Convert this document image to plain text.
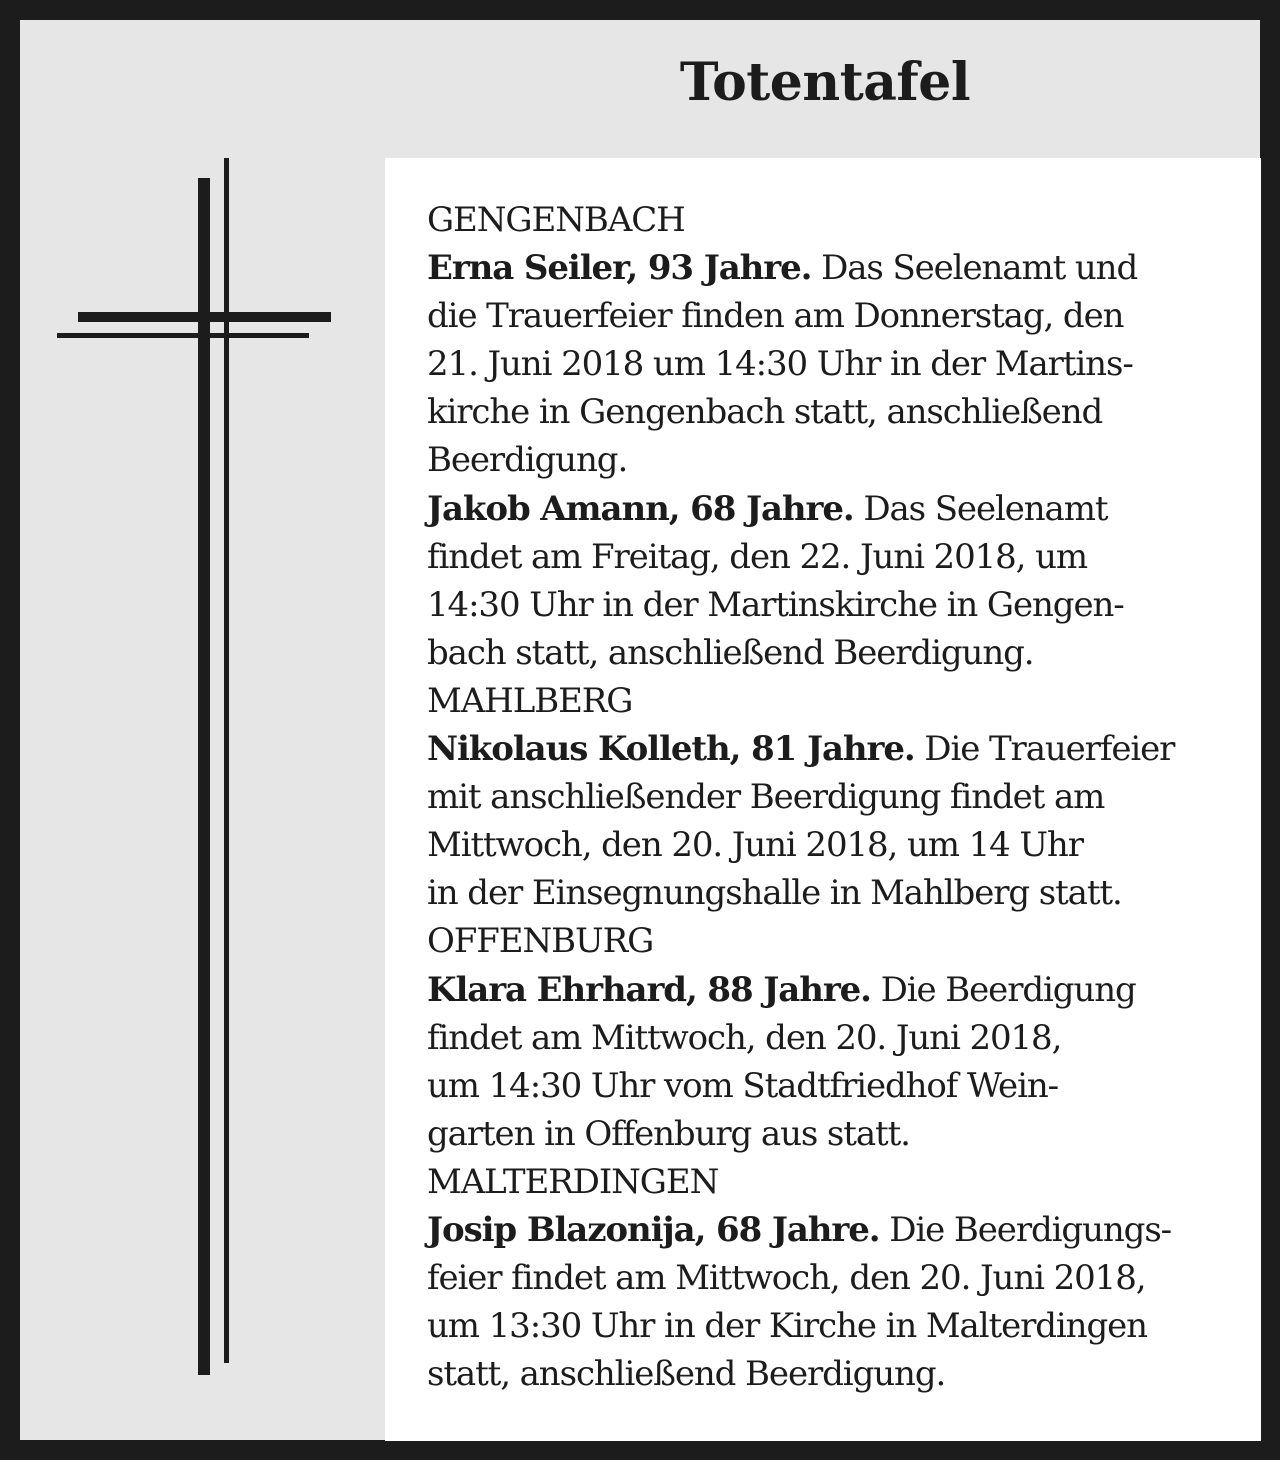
Totentafel
GENGENBACH
Erna Seiler, 93 Jahre. Das Seelenamt und
die Trauerfeier finden am Donnerstag, den
21. Juni 2018 um 14:30 Uhr in der Martins-
kirche in Gengenbach statt, anschließend
Beerdigung.
Jakob Amann, 68 Jahre. Das Seelenamt
findet am Freitag, den 22. Juni 2018, um
14:30 Uhr in der Martinskirche in Gengen-
bach statt, anschließend Beerdigung.
MAHLBERG
Nikolaus Kolleth, 81 Jahre. Die Trauerfeier
mit anschließender Beerdigung findet am
Mittwoch, den 20. Juni 2018, um 14 Uhr
in der Einsegnungshalle in Mahlberg statt.
OFFENBURG
Klara Ehrhard, 88 Jahre. Die Beerdigung
findet am Mittwoch, den 20. Juni 2018,
um 14:30 Uhr vom Stadtfriedhof Wein-
garten in Offenburg aus statt.
MALTERDINGEN
Josip Blazonija, 68 Jahre. Die Beerdigungs-
feier findet am Mittwoch, den 20. Juni 2018,
um 13:30 Uhr in der Kirche in Malterdingen
statt, anschließend Beerdigung.
